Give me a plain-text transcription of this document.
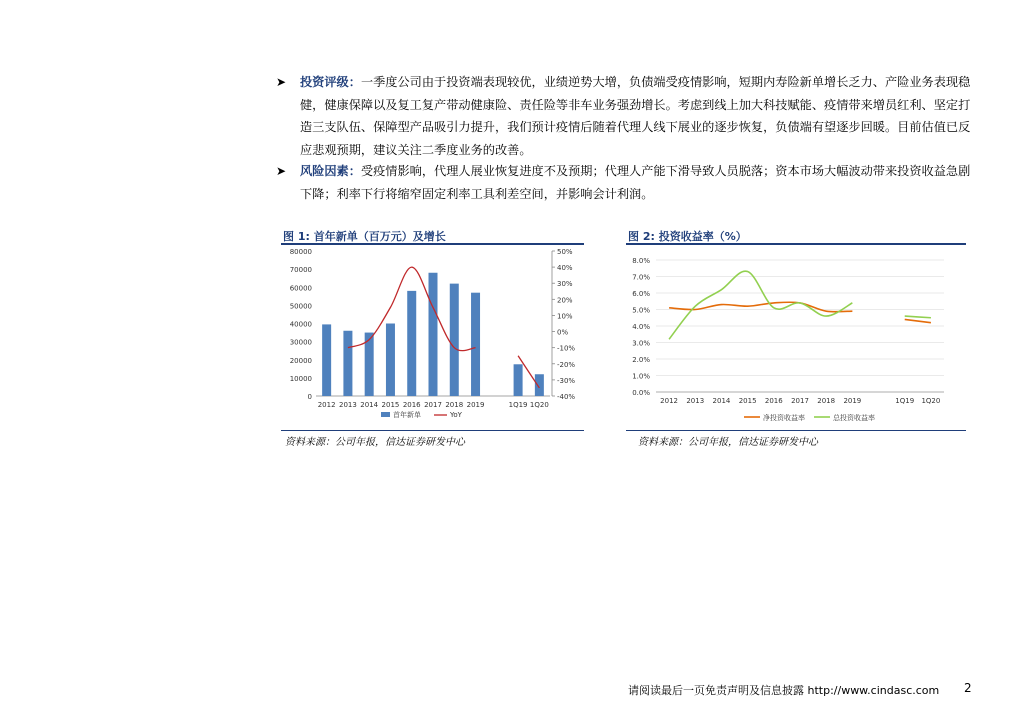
➤ 投资评级：一季度公司由于投资端表现较优，业绩逆势大增，负债端受疫情影响，短期内寿险新单增长乏力、产险业务表现稳健，健康保障以及复工复产带动健康险、责任险等非车业务强劲增长。考虑到线上加大科技赋能、疫情带来增员红利、坚定打造三支队伍、保障型产品吸引力提升，我们预计疫情后随着代理人线下展业的逐步恢复，负债端有望逐步回暖。目前估值已反应悲观预期，建议关注二季度业务的改善。
➤ 风险因素：受疫情影响，代理人展业恢复进度不及预期；代理人产能下滑导致人员脱落；资本市场大幅波动带来投资收益急剧下降；利率下行将缩窄固定利率工具利差空间，并影响会计利润。
图 1: 首年新单（百万元）及增长
80000
70000
60000
50000
40000
30000
20000
10000
0
50%
40%
30%
20%
10%
0%
-10%
-20%
-30%
-40%
2012 2013 2014 2015 2016 2017 2018 2019	1Q19 1Q20
首年新单	YoY
资料来源：公司年报，信达证券研发中心
图 2: 投资收益率（%）
8.0%
7.0%
6.0%
5.0%
4.0%
3.0%
2.0%
1.0%
0.0%
2012 2013 2014 2015 2016 2017 2018 2019	1Q19 1Q20
净投资收益率	总投资收益率
资料来源：公司年报，信达证券研发中心
请阅读最后一页免责声明及信息披露 http://www.cindasc.com 2
